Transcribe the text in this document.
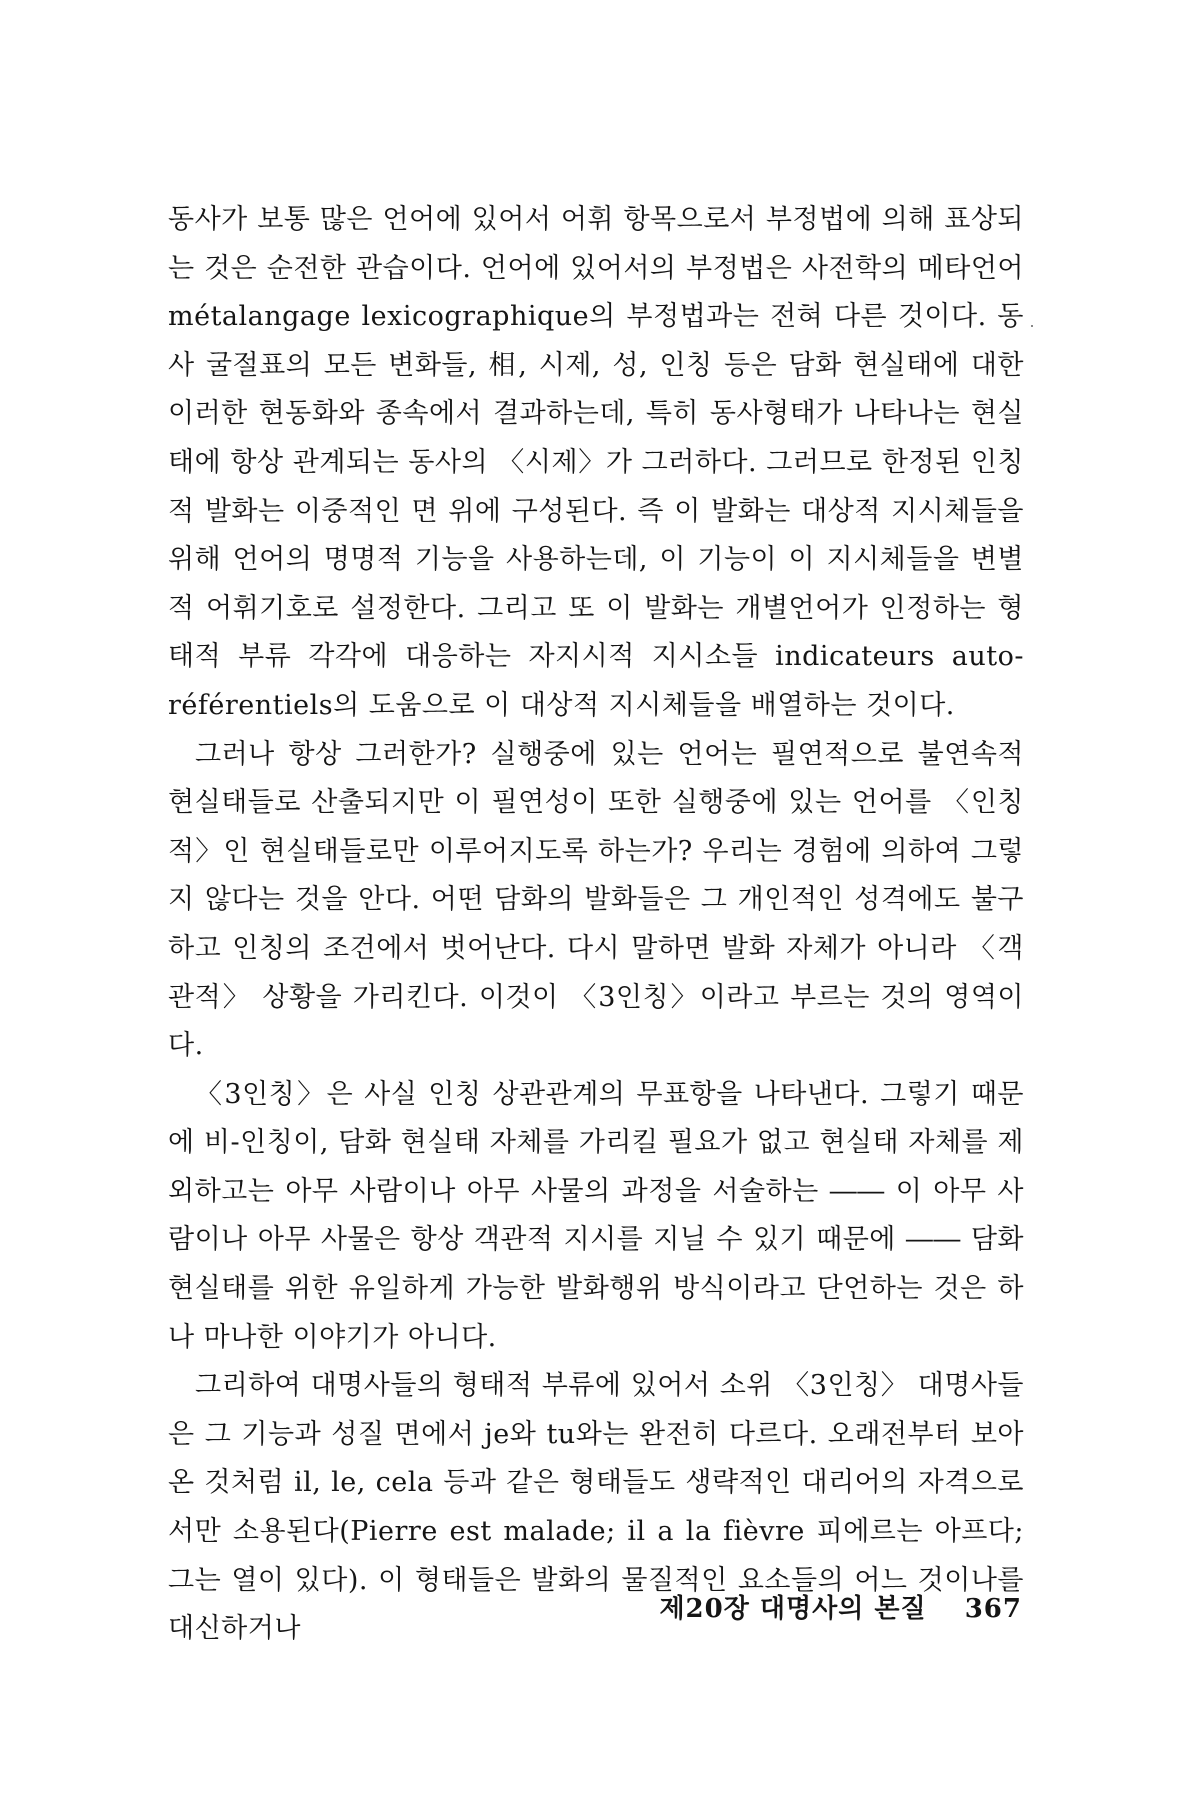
동사가 보통 많은 언어에 있어서 어휘 항목으로서 부정법에 의해 표상되는 것은 순전한 관습이다. 언어에 있어서의 부정법은 사전학의 메타언어 métalangage lexicographique의 부정법과는 전혀 다른 것이다. 동사 굴절표의 모든 변화들, 相, 시제, 성, 인칭 등은 담화 현실태에 대한 이러한 현동화와 종속에서 결과하는데, 특히 동사형태가 나타나는 현실태에 항상 관계되는 동사의 〈시제〉가 그러하다. 그러므로 한정된 인칭적 발화는 이중적인 면 위에 구성된다. 즉 이 발화는 대상적 지시체들을 위해 언어의 명명적 기능을 사용하는데, 이 기능이 이 지시체들을 변별적 어휘기호로 설정한다. 그리고 또 이 발화는 개별언어가 인정하는 형태적 부류 각각에 대응하는 자지시적 지시소들 indicateurs auto-référentiels의 도움으로 이 대상적 지시체들을 배열하는 것이다.

그러나 항상 그러한가? 실행중에 있는 언어는 필연적으로 불연속적 현실태들로 산출되지만 이 필연성이 또한 실행중에 있는 언어를 〈인칭적〉인 현실태들로만 이루어지도록 하는가? 우리는 경험에 의하여 그렇지 않다는 것을 안다. 어떤 담화의 발화들은 그 개인적인 성격에도 불구하고 인칭의 조건에서 벗어난다. 다시 말하면 발화 자체가 아니라 〈객관적〉 상황을 가리킨다. 이것이 〈3인칭〉이라고 부르는 것의 영역이다.

〈3인칭〉은 사실 인칭 상관관계의 무표항을 나타낸다. 그렇기 때문에 비-인칭이, 담화 현실태 자체를 가리킬 필요가 없고 현실태 자체를 제외하고는 아무 사람이나 아무 사물의 과정을 서술하는 ―― 이 아무 사람이나 아무 사물은 항상 객관적 지시를 지닐 수 있기 때문에 ―― 담화 현실태를 위한 유일하게 가능한 발화행위 방식이라고 단언하는 것은 하나 마나한 이야기가 아니다.

그리하여 대명사들의 형태적 부류에 있어서 소위 〈3인칭〉 대명사들은 그 기능과 성질 면에서 je와 tu와는 완전히 다르다. 오래전부터 보아온 것처럼 il, le, cela 등과 같은 형태들도 생략적인 대리어의 자격으로서만 소용된다(Pierre est malade; il a la fièvre 피에르는 아프다; 그는 열이 있다). 이 형태들은 발화의 물질적인 요소들의 어느 것이나를 대신하거나

제20장 대명사의 본질 367
